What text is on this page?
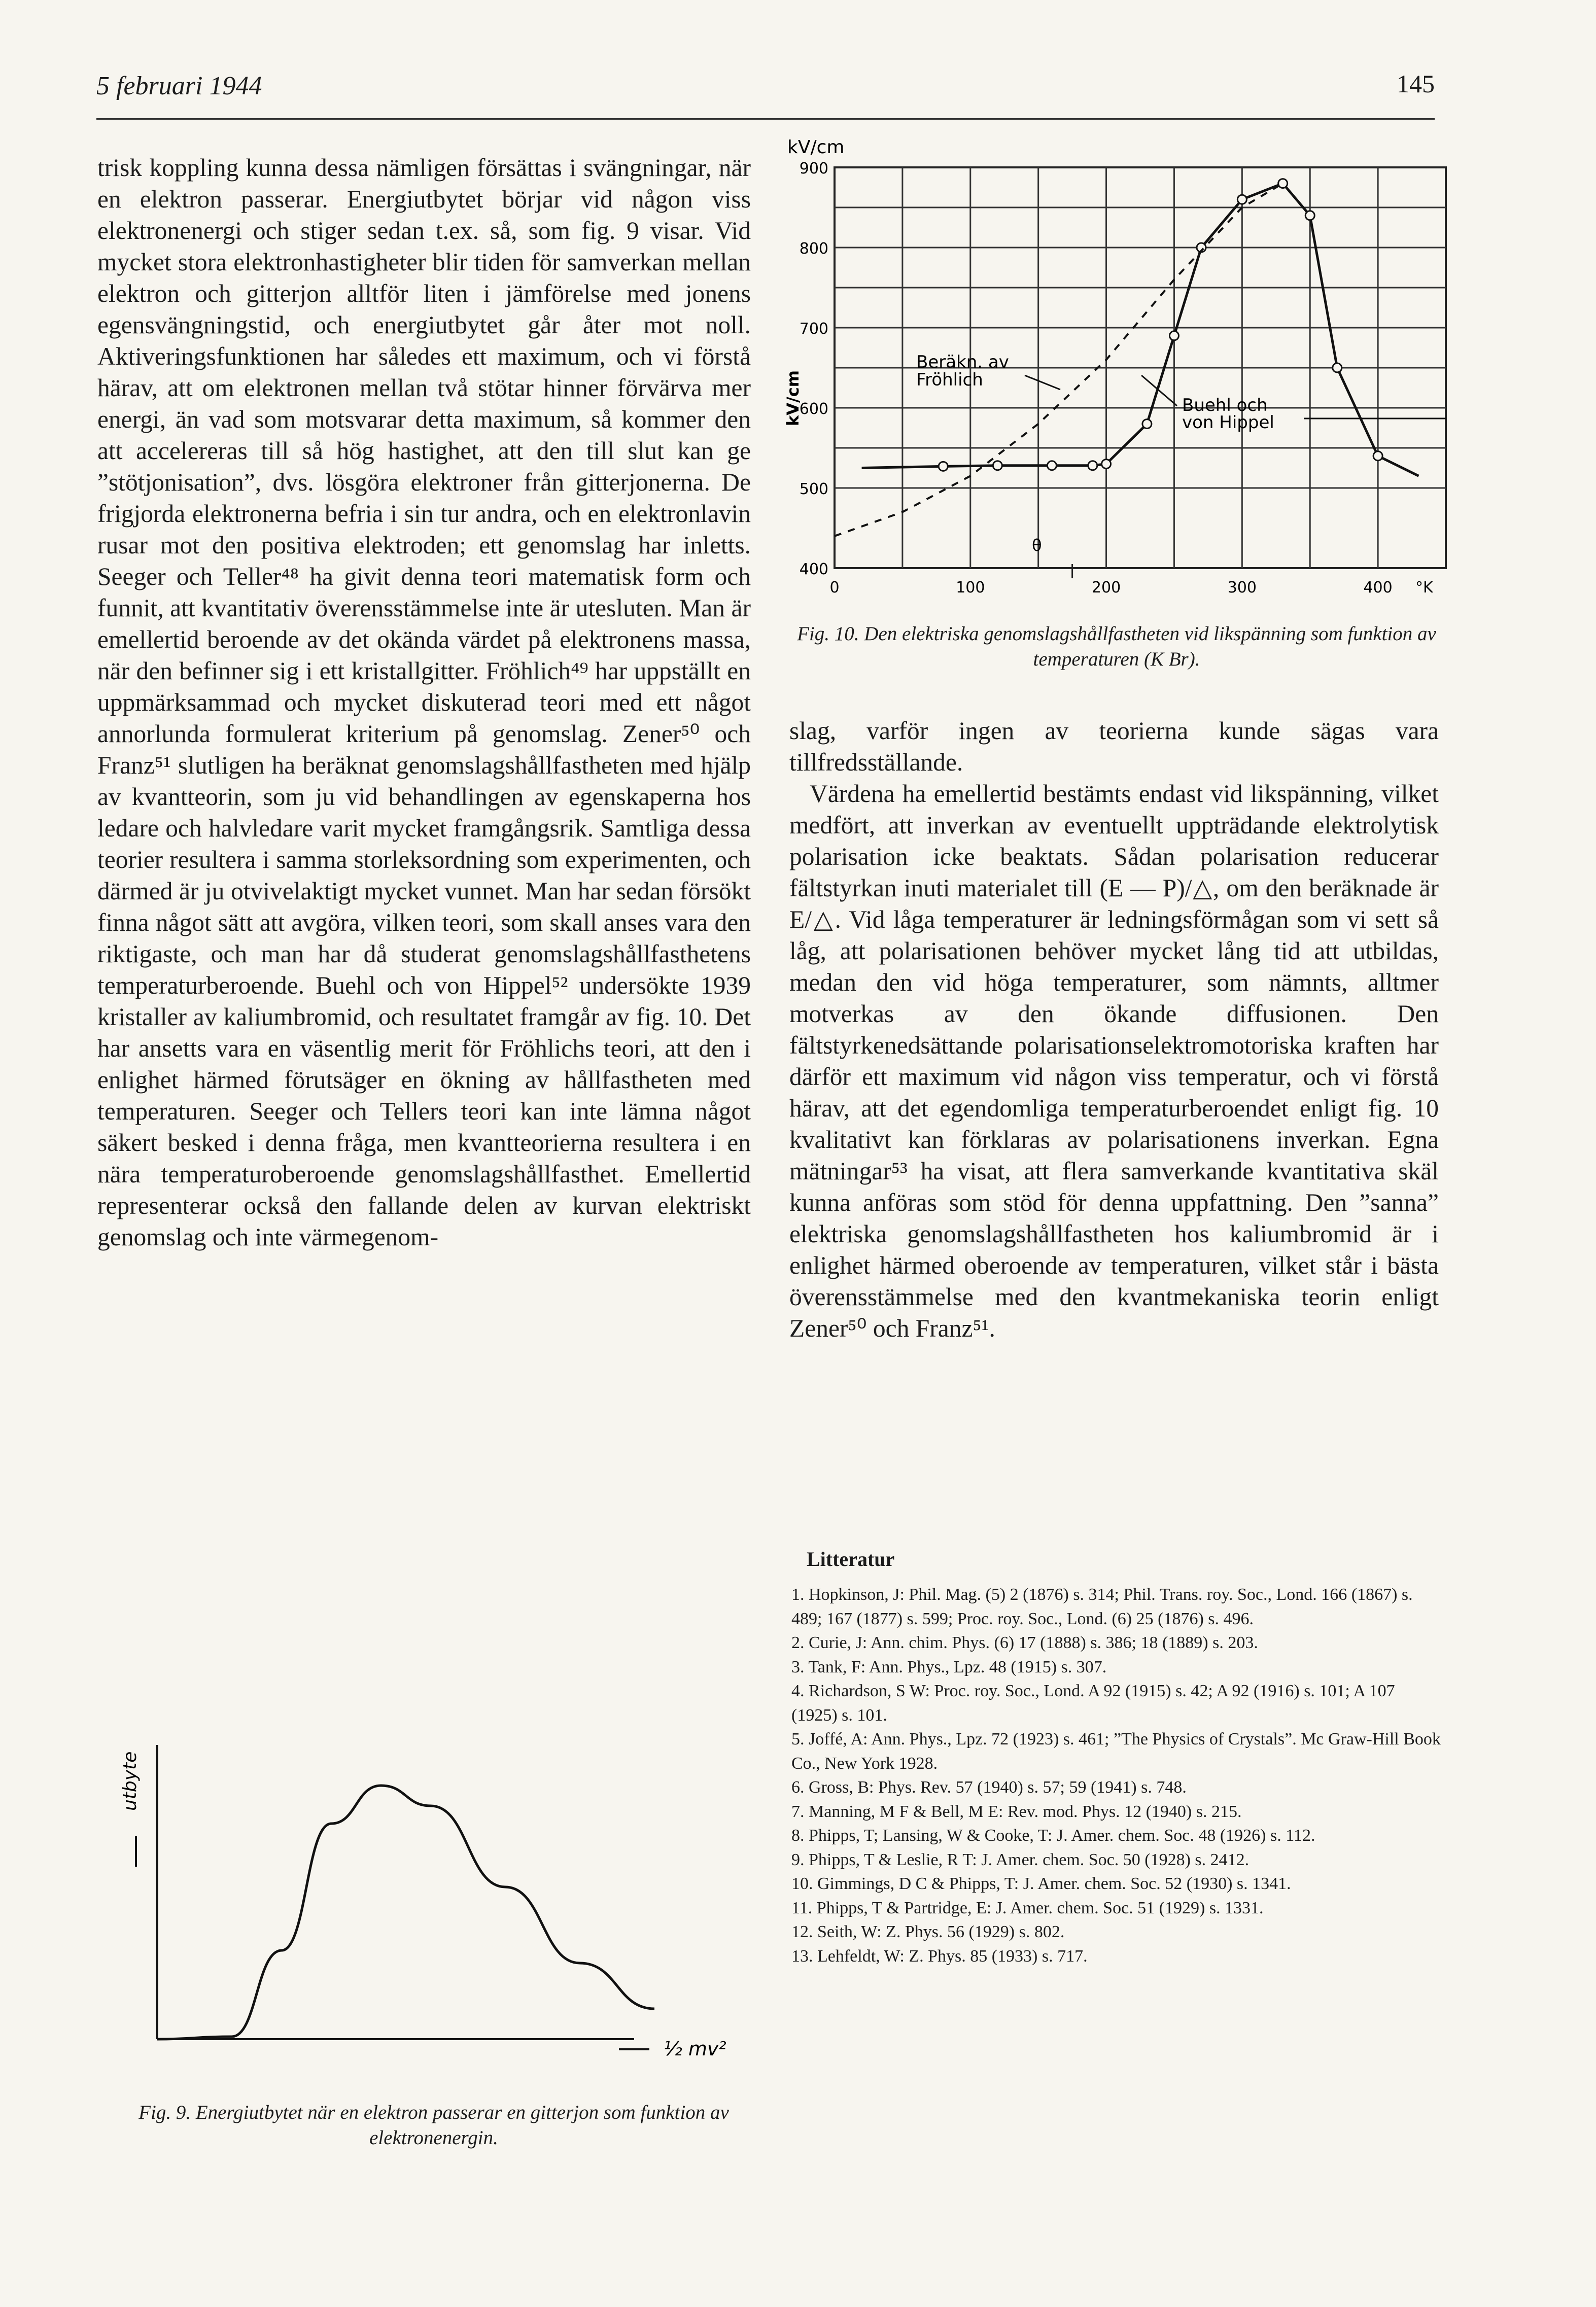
5 februari 1944	145

trisk koppling kunna dessa nämligen försättas i svängningar, när en elektron passerar. Energiutbytet börjar vid någon viss elektronenergi och stiger sedan t.ex. så, som fig. 9 visar. Vid mycket stora elektronhastigheter blir tiden för samverkan mellan elektron och gitterjon alltför liten i jämförelse med jonens egensvängningstid, och energiutbytet går åter mot noll. Aktiveringsfunktionen har således ett maximum, och vi förstå härav, att om elektronen mellan två stötar hinner förvärva mer energi, än vad som motsvarar detta maximum, så kommer den att accelereras till så hög hastighet, att den till slut kan ge ”stötjonisation”, dvs. lösgöra elektroner från gitterjonerna. De frigjorda elektronerna befria i sin tur andra, och en elektronlavin rusar mot den positiva elektroden; ett genomslag har inletts. Seeger och Teller⁴⁸ ha givit denna teori matematisk form och funnit, att kvantitativ överensstämmelse inte är utesluten. Man är emellertid beroende av det okända värdet på elektronens massa, när den befinner sig i ett kristallgitter. Fröhlich⁴⁹ har uppställt en uppmärksammad och mycket diskuterad teori med ett något annorlunda formulerat kriterium på genomslag. Zener⁵⁰ och Franz⁵¹ slutligen ha beräknat genomslagshållfastheten med hjälp av kvantteorin, som ju vid behandlingen av egenskaperna hos ledare och halvledare varit mycket framgångsrik. Samtliga dessa teorier resultera i samma storleksordning som experimenten, och därmed är ju otvivelaktigt mycket vunnet. Man har sedan försökt finna något sätt att avgöra, vilken teori, som skall anses vara den riktigaste, och man har då studerat genomslagshållfasthetens temperaturberoende. Buehl och von Hippel⁵² undersökte 1939 kristaller av kaliumbromid, och resultatet framgår av fig. 10. Det har ansetts vara en väsentlig merit för Fröhlichs teori, att den i enlighet härmed förutsäger en ökning av hållfastheten med temperaturen. Seeger och Tellers teori kan inte lämna något säkert besked i denna fråga, men kvantteorierna resultera i en nära temperaturoberoende genomslagshållfasthet. Emellertid representerar också den fallande delen av kurvan elektriskt genomslag och inte värmegenom-

400
500
600
700
800
900
0	100	200	300	400
kV/cm
kV/cm
°K
θ
Beräkn. av
Fröhlich
Buehl och
von Hippel
Fig. 10. Den elektriska genomslagshållfastheten vid likspänning som funktion av temperaturen (K Br).

slag, varför ingen av teorierna kunde sägas vara tillfredsställande.

Värdena ha emellertid bestämts endast vid likspänning, vilket medfört, att inverkan av eventuellt uppträdande elektrolytisk polarisation icke beaktats. Sådan polarisation reducerar fältstyrkan inuti materialet till (E — P)/△, om den beräknade är E/△. Vid låga temperaturer är ledningsförmågan som vi sett så låg, att polarisationen behöver mycket lång tid att utbildas, medan den vid höga temperaturer, som nämnts, alltmer motverkas av den ökande diffusionen. Den fältstyrkenedsättande polarisationselektromotoriska kraften har därför ett maximum vid någon viss temperatur, och vi förstå härav, att det egendomliga temperaturberoendet enligt fig. 10 kvalitativt kan förklaras av polarisationens inverkan. Egna mätningar⁵³ ha visat, att flera samverkande kvantitativa skäl kunna anföras som stöd för denna uppfattning. Den ”sanna” elektriska genomslagshållfastheten hos kaliumbromid är i enlighet härmed oberoende av temperaturen, vilket står i bästa överensstämmelse med den kvantmekaniska teorin enligt Zener⁵⁰ och Franz⁵¹.

utbyte
½ mv²
Fig. 9. Energiutbytet när en elektron passerar en gitterjon som funktion av elektronenergin.
Litteratur
1. Hopkinson, J: Phil. Mag. (5) 2 (1876) s. 314; Phil. Trans. roy. Soc., Lond. 166 (1867) s. 489; 167 (1877) s. 599; Proc. roy. Soc., Lond. (6) 25 (1876) s. 496.
2. Curie, J: Ann. chim. Phys. (6) 17 (1888) s. 386; 18 (1889) s. 203.
3. Tank, F: Ann. Phys., Lpz. 48 (1915) s. 307.
4. Richardson, S W: Proc. roy. Soc., Lond. A 92 (1915) s. 42; A 92 (1916) s. 101; A 107 (1925) s. 101.
5. Joffé, A: Ann. Phys., Lpz. 72 (1923) s. 461; ”The Physics of Crystals”. Mc Graw-Hill Book Co., New York 1928.
6. Gross, B: Phys. Rev. 57 (1940) s. 57; 59 (1941) s. 748.
7. Manning, M F & Bell, M E: Rev. mod. Phys. 12 (1940) s. 215.
8. Phipps, T; Lansing, W & Cooke, T: J. Amer. chem. Soc. 48 (1926) s. 112.
9. Phipps, T & Leslie, R T: J. Amer. chem. Soc. 50 (1928) s. 2412.
10. Gimmings, D C & Phipps, T: J. Amer. chem. Soc. 52 (1930) s. 1341.
11. Phipps, T & Partridge, E: J. Amer. chem. Soc. 51 (1929) s. 1331.
12. Seith, W: Z. Phys. 56 (1929) s. 802.
13. Lehfeldt, W: Z. Phys. 85 (1933) s. 717.
